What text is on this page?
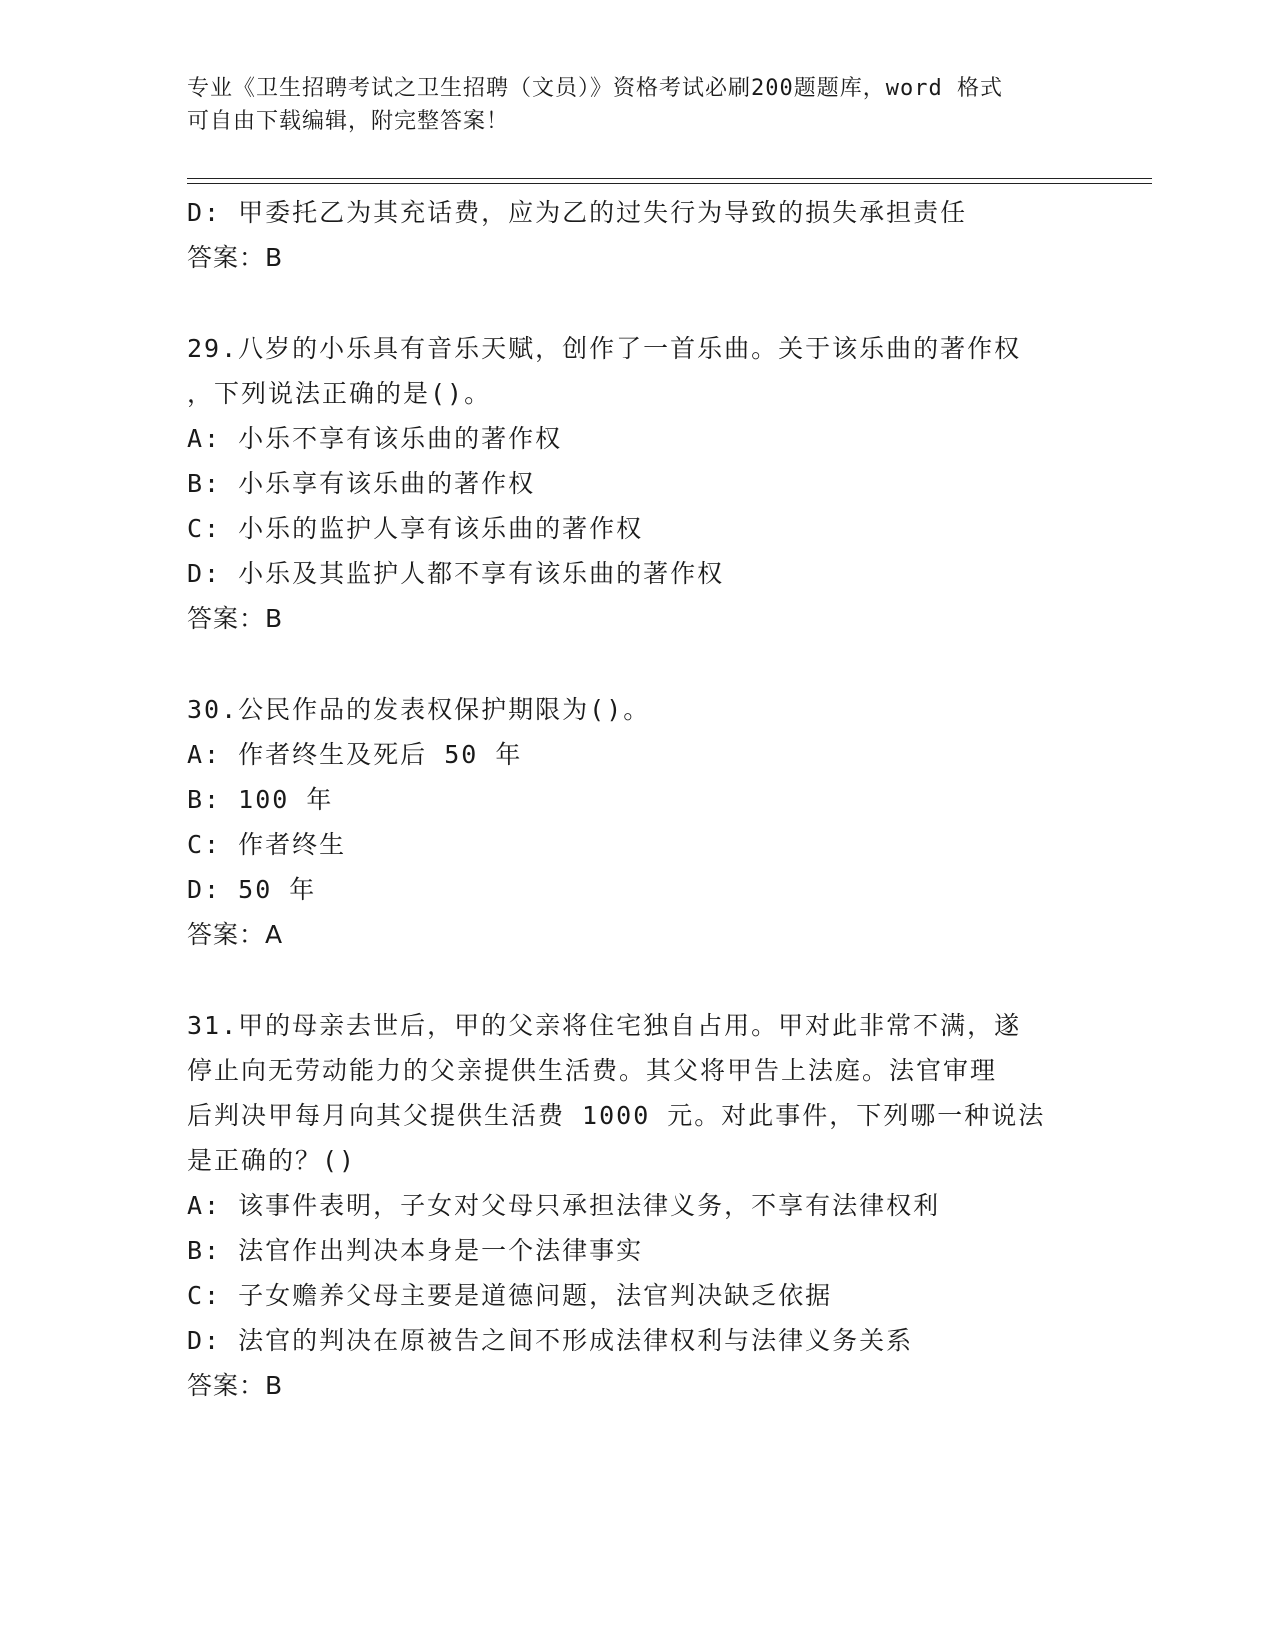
专业《卫生招聘考试之卫生招聘（文员）》资格考试必刷200题题库，word 格式

可自由下载编辑，附完整答案！

D: 甲委托乙为其充话费，应为乙的过失行为导致的损失承担责任

答案：B

29.八岁的小乐具有音乐天赋，创作了一首乐曲。关于该乐曲的著作权

，下列说法正确的是()。

A: 小乐不享有该乐曲的著作权

B: 小乐享有该乐曲的著作权

C: 小乐的监护人享有该乐曲的著作权

D: 小乐及其监护人都不享有该乐曲的著作权

答案：B

30.公民作品的发表权保护期限为()。

A: 作者终生及死后 50 年

B: 100 年

C: 作者终生

D: 50 年

答案：A

31.甲的母亲去世后，甲的父亲将住宅独自占用。甲对此非常不满，遂

停止向无劳动能力的父亲提供生活费。其父将甲告上法庭。法官审理

后判决甲每月向其父提供生活费 1000 元。对此事件，下列哪一种说法

是正确的？()

A: 该事件表明，子女对父母只承担法律义务，不享有法律权利

B: 法官作出判决本身是一个法律事实

C: 子女赡养父母主要是道德问题，法官判决缺乏依据

D: 法官的判决在原被告之间不形成法律权利与法律义务关系

答案：B
